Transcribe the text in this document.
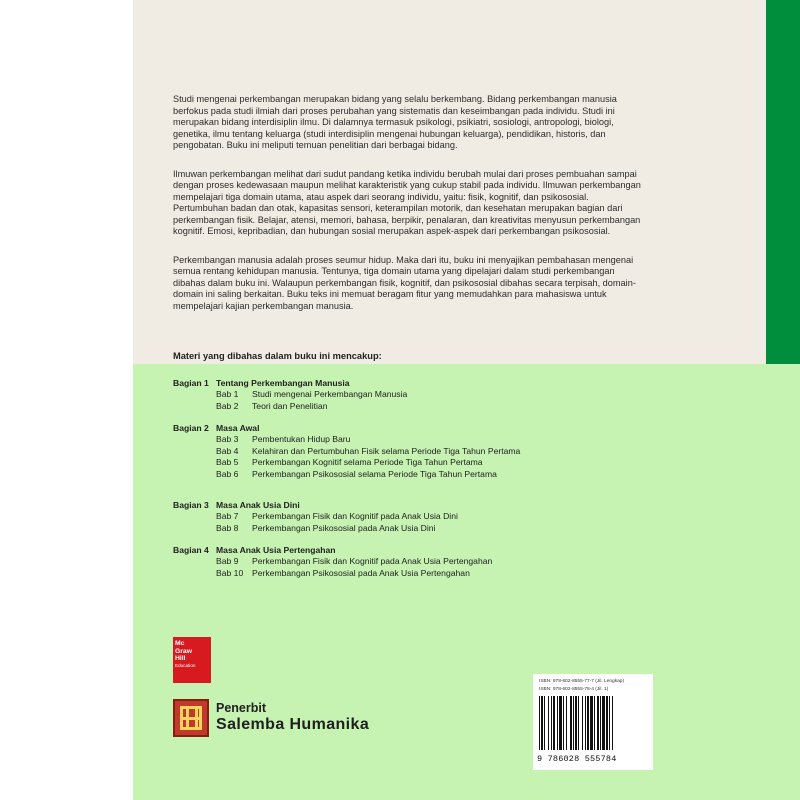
Studi mengenai perkembangan merupakan bidang yang selalu berkembang. Bidang perkembangan manusia berfokus pada studi ilmiah dari proses perubahan yang sistematis dan keseimbangan pada individu. Studi ini merupakan bidang interdisiplin ilmu. Di dalamnya termasuk psikologi, psikiatri, sosiologi, antropologi, biologi, genetika, ilmu tentang keluarga (studi interdisiplin mengenai hubungan keluarga), pendidikan, historis, dan pengobatan. Buku ini meliputi temuan penelitian dari berbagai bidang.

Ilmuwan perkembangan melihat dari sudut pandang ketika individu berubah mulai dari proses pembuahan sampai dengan proses kedewasaan maupun melihat karakteristik yang cukup stabil pada individu. Ilmuwan perkembangan mempelajari tiga domain utama, atau aspek dari seorang individu, yaitu: fisik, kognitif, dan psikososial. Pertumbuhan badan dan otak, kapasitas sensori, keterampilan motorik, dan kesehatan merupakan bagian dari perkembangan fisik. Belajar, atensi, memori, bahasa, berpikir, penalaran, dan kreativitas menyusun perkembangan kognitif. Emosi, kepribadian, dan hubungan sosial merupakan aspek-aspek dari perkembangan psikososial.

Perkembangan manusia adalah proses seumur hidup. Maka dari itu, buku ini menyajikan pembahasan mengenai semua rentang kehidupan manusia. Tentunya, tiga domain utama yang dipelajari dalam studi perkembangan dibahas dalam buku ini. Walaupun perkembangan fisik, kognitif, dan psikososial dibahas secara terpisah, domain-domain ini saling berkaitan. Buku teks ini memuat beragam fitur yang memudahkan para mahasiswa untuk mempelajari kajian perkembangan manusia.

Materi yang dibahas dalam buku ini mencakup:
Bagian 1 Tentang Perkembangan Manusia
Bab 1 Studi mengenai Perkembangan Manusia
Bab 2 Teori dan Penelitian
Bagian 2 Masa Awal
Bab 3 Pembentukan Hidup Baru
Bab 4 Kelahiran dan Pertumbuhan Fisik selama Periode Tiga Tahun Pertama
Bab 5 Perkembangan Kognitif selama Periode Tiga Tahun Pertama
Bab 6 Perkembangan Psikososial selama Periode Tiga Tahun Pertama
Bagian 3 Masa Anak Usia Dini
Bab 7 Perkembangan Fisik dan Kognitif pada Anak Usia Dini
Bab 8 Perkembangan Psikososial pada Anak Usia Dini
Bagian 4 Masa Anak Usia Pertengahan
Bab 9 Perkembangan Fisik dan Kognitif pada Anak Usia Pertengahan
Bab 10 Perkembangan Psikososial pada Anak Usia Pertengahan
Mc
Graw
Hill
Education
Penerbit
Salemba Humanika
ISBN: 978-602-8555-77-7 (Jil. Lengkap)
ISBN: 978-602-8555-78-4 (Jil. 1)
9 786028 555784
